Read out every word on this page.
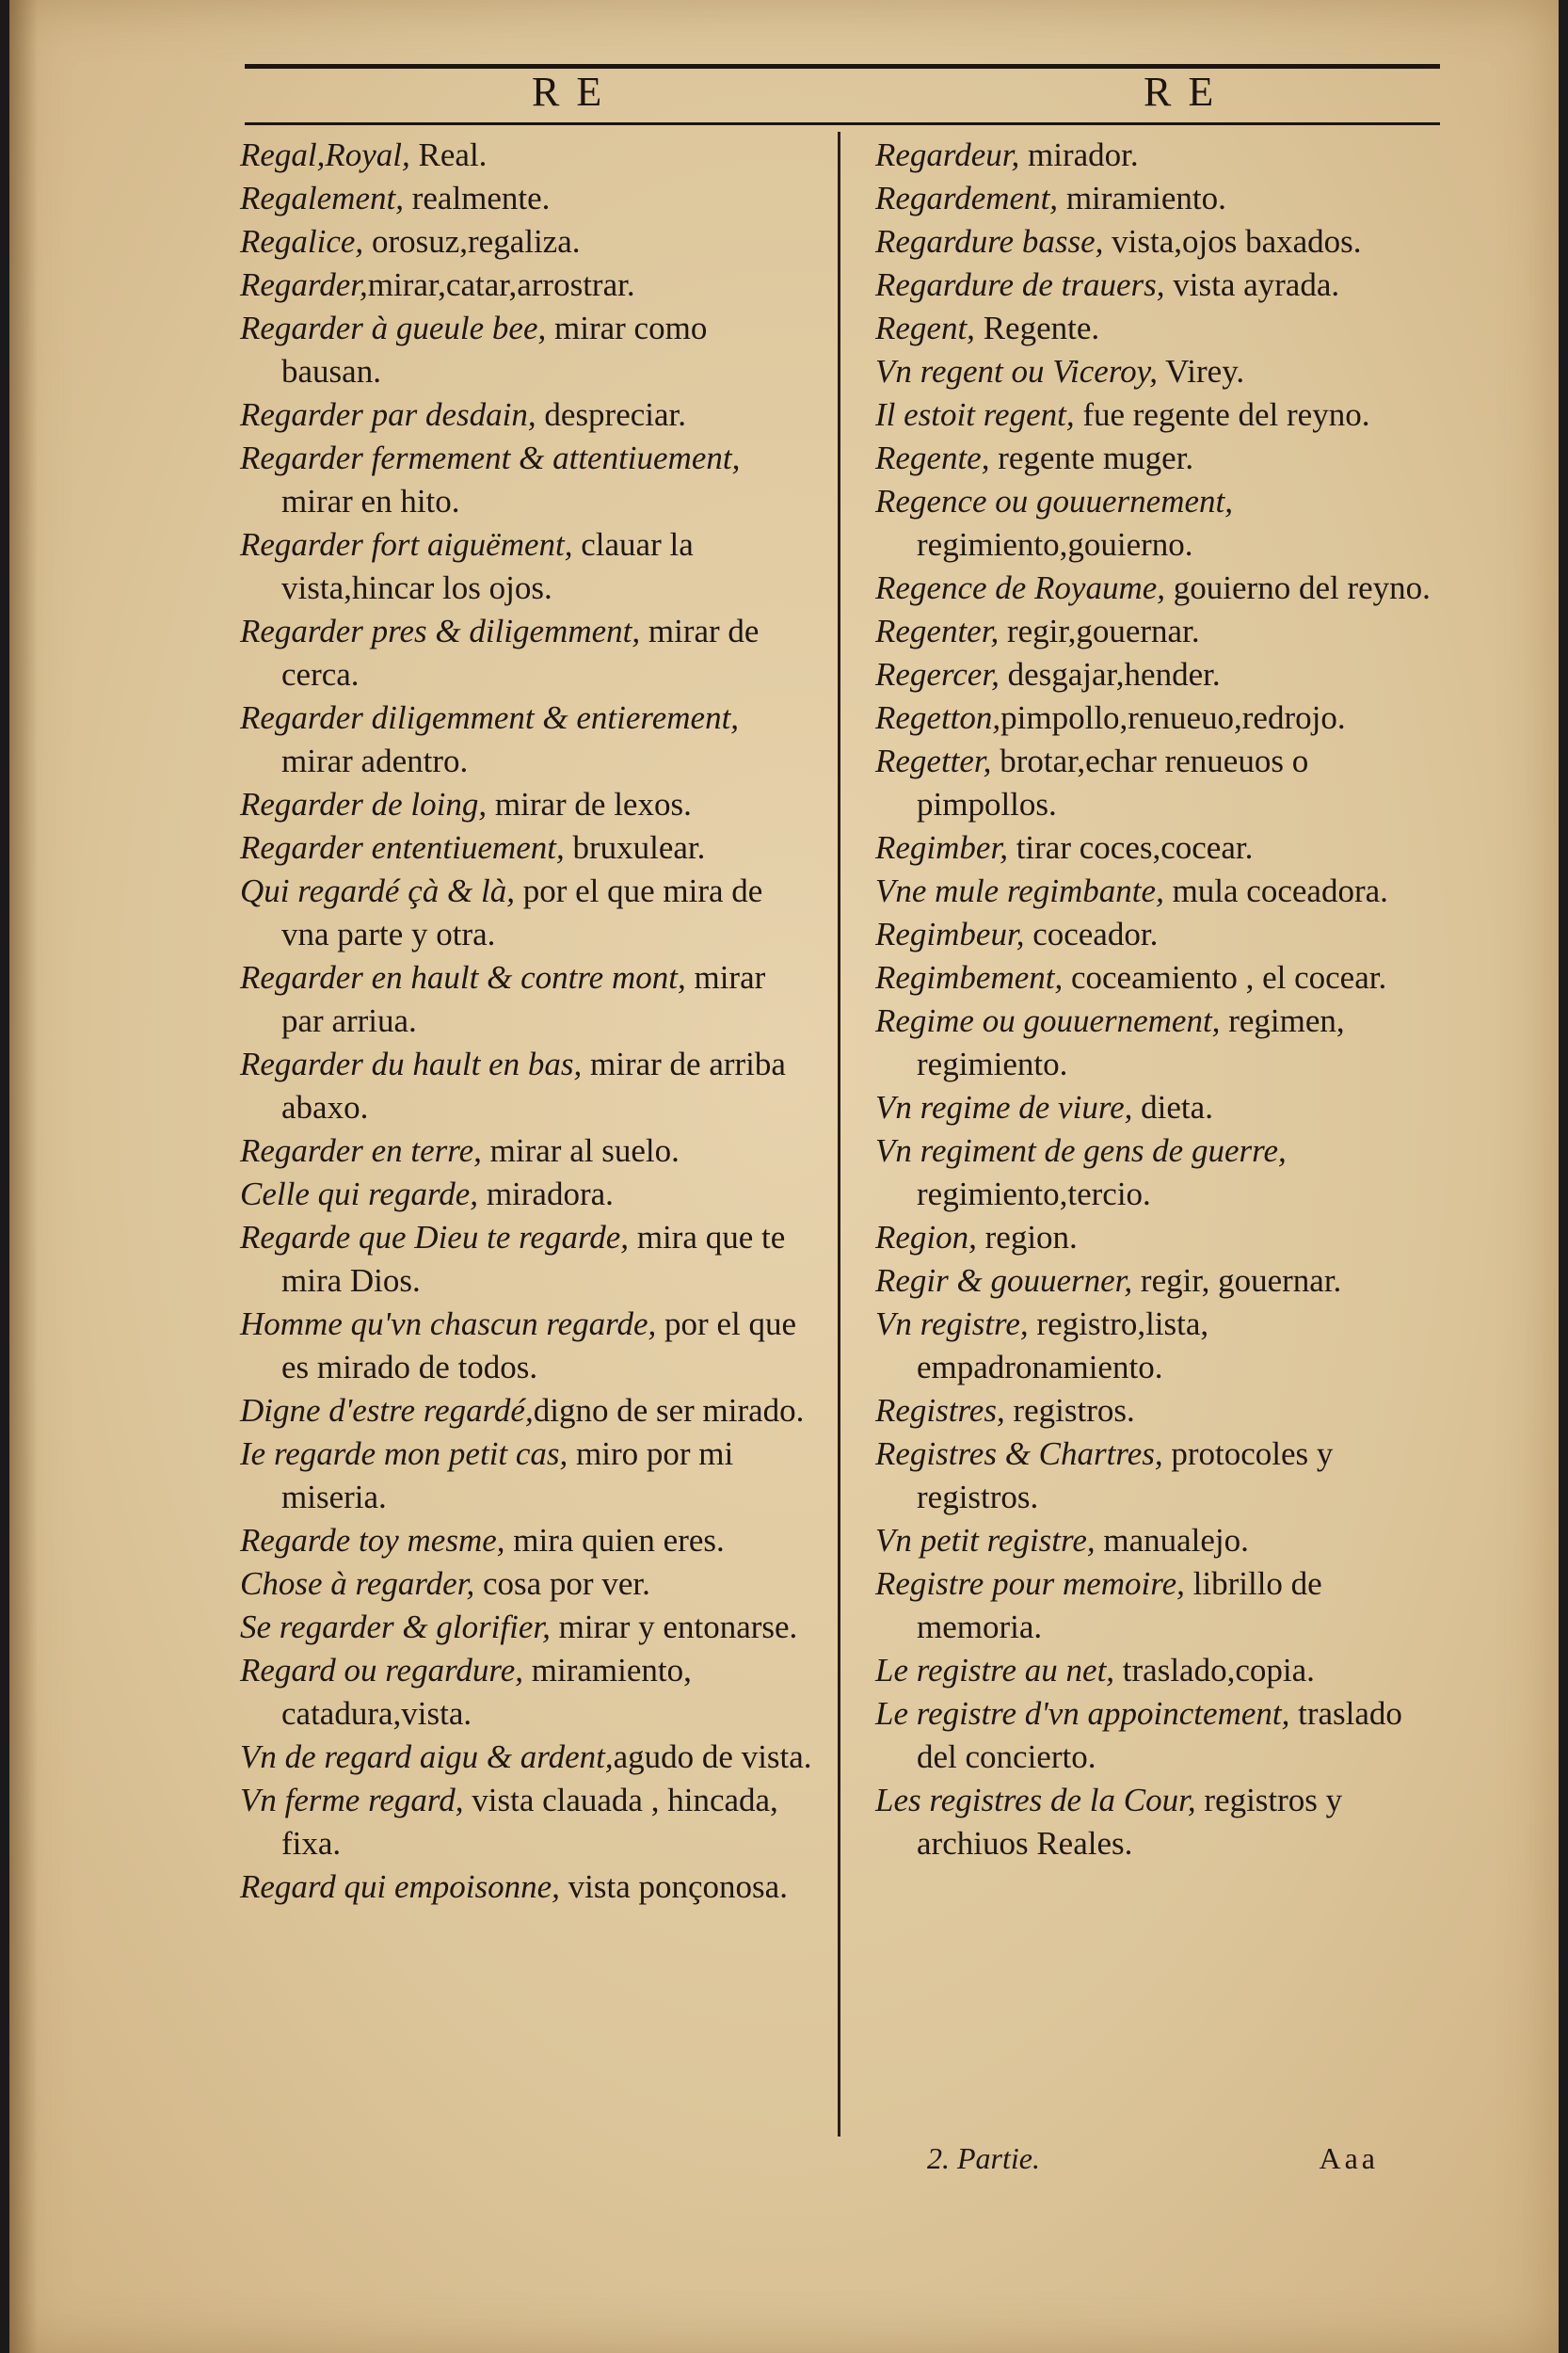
RE	RE

Regal,Royal, Real.

Regalement, realmente.

Regalice, orosuz,regaliza.

Regarder,mirar,catar,arrostrar.

Regarder à gueule bee, mirar como bausan.

Regarder par desdain, despreciar.

Regarder fermement & attentiuement, mirar en hito.

Regarder fort aiguëment, clauar la vista,hincar los ojos.

Regarder pres & diligemment, mirar de cerca.

Regarder diligemment & entierement, mirar adentro.

Regarder de loing, mirar de lexos.

Regarder ententiuement, bruxulear.

Qui regardé çà & là, por el que mira de vna parte y otra.

Regarder en hault & contre mont, mirar par arriua.

Regarder du hault en bas, mirar de arriba abaxo.

Regarder en terre, mirar al suelo.

Celle qui regarde, miradora.

Regarde que Dieu te regarde, mira que te mira Dios.

Homme qu'vn chascun regarde, por el que es mirado de todos.

Digne d'estre regardé,digno de ser mirado.

Ie regarde mon petit cas, miro por mi miseria.

Regarde toy mesme, mira quien eres.

Chose à regarder, cosa por ver.

Se regarder & glorifier, mirar y entonarse.

Regard ou regardure, miramiento, catadura,vista.

Vn de regard aigu & ardent,agudo de vista.

Vn ferme regard, vista clauada , hincada, fixa.

Regard qui empoisonne, vista ponçonosa.

Regardeur, mirador.

Regardement, miramiento.

Regardure basse, vista,ojos baxados.

Regardure de trauers, vista ayrada.

Regent, Regente.

Vn regent ou Viceroy, Virey.

Il estoit regent, fue regente del reyno.

Regente, regente muger.

Regence ou gouuernement, regimiento,gouierno.

Regence de Royaume, gouierno del reyno.

Regenter, regir,gouernar.

Regercer, desgajar,hender.

Regetton,pimpollo,renueuo,redrojo.

Regetter, brotar,echar renueuos o pimpollos.

Regimber, tirar coces,cocear.

Vne mule regimbante, mula coceadora.

Regimbeur, coceador.

Regimbement, coceamiento , el cocear.

Regime ou gouuernement, regimen, regimiento.

Vn regime de viure, dieta.

Vn regiment de gens de guerre, regimiento,tercio.

Region, region.

Regir & gouuerner, regir, gouernar.

Vn registre, registro,lista, empadronamiento.

Registres, registros.

Registres & Chartres, protocoles y registros.

Vn petit registre, manualejo.

Registre pour memoire, librillo de memoria.

Le registre au net, traslado,copia.

Le registre d'vn appoinctement, traslado del concierto.

Les registres de la Cour, registros y archiuos Reales.

2. Partie.	Aaa
